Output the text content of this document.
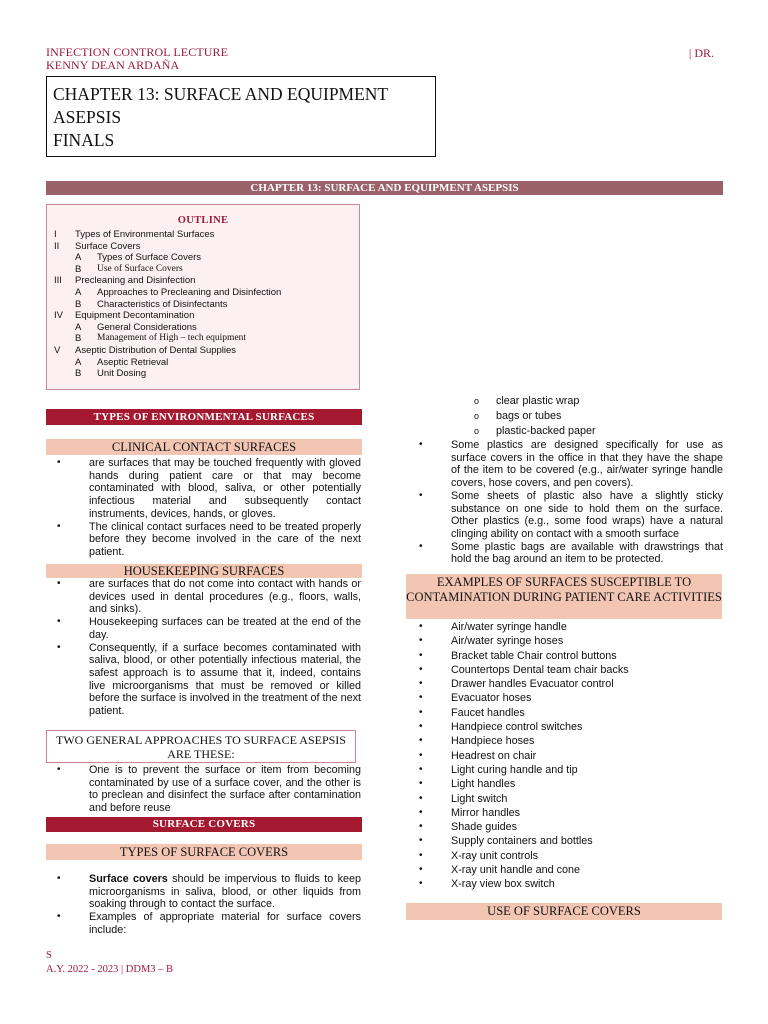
INFECTION CONTROL LECTURE
KENNY DEAN ARDAÑA
| DR.
CHAPTER 13: SURFACE AND EQUIPMENT
ASEPSIS
FINALS
CHAPTER 13: SURFACE AND EQUIPMENT ASEPSIS
OUTLINE
I Types of Environmental Surfaces
II Surface Covers
A Types of Surface Covers
B Use of Surface Covers
III Precleaning and Disinfection
A Approaches to Precleaning and Disinfection
B Characteristics of Disinfectants
IV Equipment Decontamination
A General Considerations
B Management of High – tech equipment
V Aseptic Distribution of Dental Supplies
A Aseptic Retrieval
B Unit Dosing
TYPES OF ENVIRONMENTAL SURFACES
CLINICAL CONTACT SURFACES
•	are surfaces that may be touched frequently with gloved hands during patient care or that may become contaminated with blood, saliva, or other potentially infectious material and subsequently contact instruments, devices, hands, or gloves.
•	The clinical contact surfaces need to be treated properly before they become involved in the care of the next patient.
HOUSEKEEPING SURFACES
•	are surfaces that do not come into contact with hands or devices used in dental procedures (e.g., floors, walls, and sinks).
•	Housekeeping surfaces can be treated at the end of the day.
•	Consequently, if a surface becomes contaminated with saliva, blood, or other potentially infectious material, the safest approach is to assume that it, indeed, contains live microorganisms that must be removed or killed before the surface is involved in the treatment of the next patient.
TWO GENERAL APPROACHES TO SURFACE ASEPSIS ARE THESE:
•	One is to prevent the surface or item from becoming contaminated by use of a surface cover, and the other is to preclean and disinfect the surface after contamination and before reuse
SURFACE COVERS
TYPES OF SURFACE COVERS
•	Surface covers should be impervious to fluids to keep microorganisms in saliva, blood, or other liquids from soaking through to contact the surface.
•	Examples of appropriate material for surface covers include:
o clear plastic wrap
o bags or tubes
o plastic-backed paper
•	Some plastics are designed specifically for use as surface covers in the office in that they have the shape of the item to be covered (e.g., air/water syringe handle covers, hose covers, and pen covers).
•	Some sheets of plastic also have a slightly sticky substance on one side to hold them on the surface. Other plastics (e.g., some food wraps) have a natural clinging ability on contact with a smooth surface
•	Some plastic bags are available with drawstrings that hold the bag around an item to be protected.
EXAMPLES OF SURFACES SUSCEPTIBLE TO CONTAMINATION DURING PATIENT CARE ACTIVITIES
•	Air/water syringe handle
•	Air/water syringe hoses
•	Bracket table Chair control buttons
•	Countertops Dental team chair backs
•	Drawer handles Evacuator control
•	Evacuator hoses
•	Faucet handles
•	Handpiece control switches
•	Handpiece hoses
•	Headrest on chair
•	Light curing handle and tip
•	Light handles
•	Light switch
•	Mirror handles
•	Shade guides
•	Supply containers and bottles
•	X-ray unit controls
•	X-ray unit handle and cone
•	X-ray view box switch
USE OF SURFACE COVERS
S
A.Y. 2022 - 2023 | DDM3 – B
